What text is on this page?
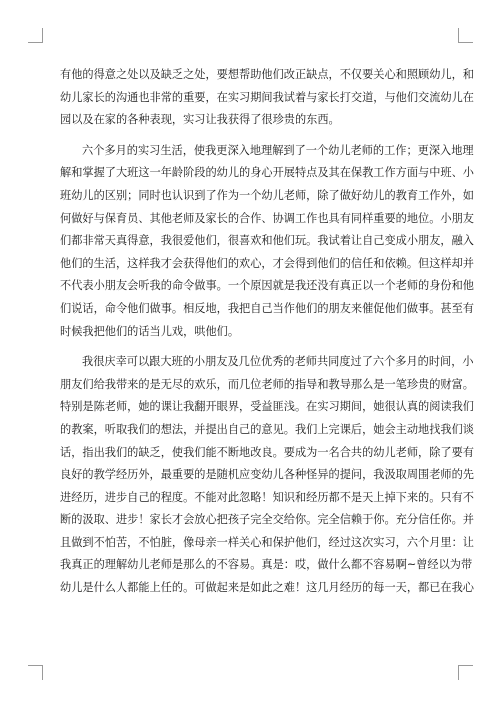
有他的得意之处以及缺乏之处，要想帮助他们改正缺点，不仅要关心和照顾幼儿，和
幼儿家长的沟通也非常的重要，在实习期间我试着与家长打交道，与他们交流幼儿在
园以及在家的各种表现，实习让我获得了很珍贵的东西。
六个多月的实习生活，使我更深入地理解到了一个幼儿老师的工作；更深入地理
解和掌握了大班这一年龄阶段的幼儿的身心开展特点及其在保教工作方面与中班、小
班幼儿的区别；同时也认识到了作为一个幼儿老师，除了做好幼儿的教育工作外，如
何做好与保育员、其他老师及家长的合作、协调工作也具有同样重要的地位。小朋友
们都非常天真得意，我很爱他们，很喜欢和他们玩。我试着让自己变成小朋友，融入
他们的生活，这样我才会获得他们的欢心，才会得到他们的信任和依赖。但这样却并
不代表小朋友会听我的命令做事。一个原因就是我还没有真正以一个老师的身份和他
们说话，命令他们做事。相反地，我把自己当作他们的朋友来催促他们做事。甚至有
时候我把他们的话当儿戏，哄他们。
我很庆幸可以跟大班的小朋友及几位优秀的老师共同度过了六个多月的时间，小
朋友们给我带来的是无尽的欢乐，而几位老师的指导和教导那么是一笔珍贵的财富。
特别是陈老师，她的课让我翻开眼界，受益匪浅。在实习期间，她很认真的阅读我们
的教案，听取我们的想法，并提出自己的意见。我们上完课后，她会主动地找我们谈
话，指出我们的缺乏，使我们能不断地改良。要成为一名合共的幼儿老师，除了要有
良好的教学经历外，最重要的是随机应变幼儿各种怪异的提问，我汲取周围老师的先
进经历，进步自己的程度。不能对此忽略！知识和经历都不是天上掉下来的。只有不
断的汲取、进步！家长才会放心把孩子完全交给你。完全信赖于你。充分信任你。并
且做到不怕苦，不怕脏，像母亲一样关心和保护他们，经过这次实习，六个月里：让
我真正的理解幼儿老师是那么的不容易。真是：哎，做什么都不容易啊~曾经以为带
幼儿是什么人都能上任的。可做起来是如此之难！这几月经历的每一天，都已在我心
